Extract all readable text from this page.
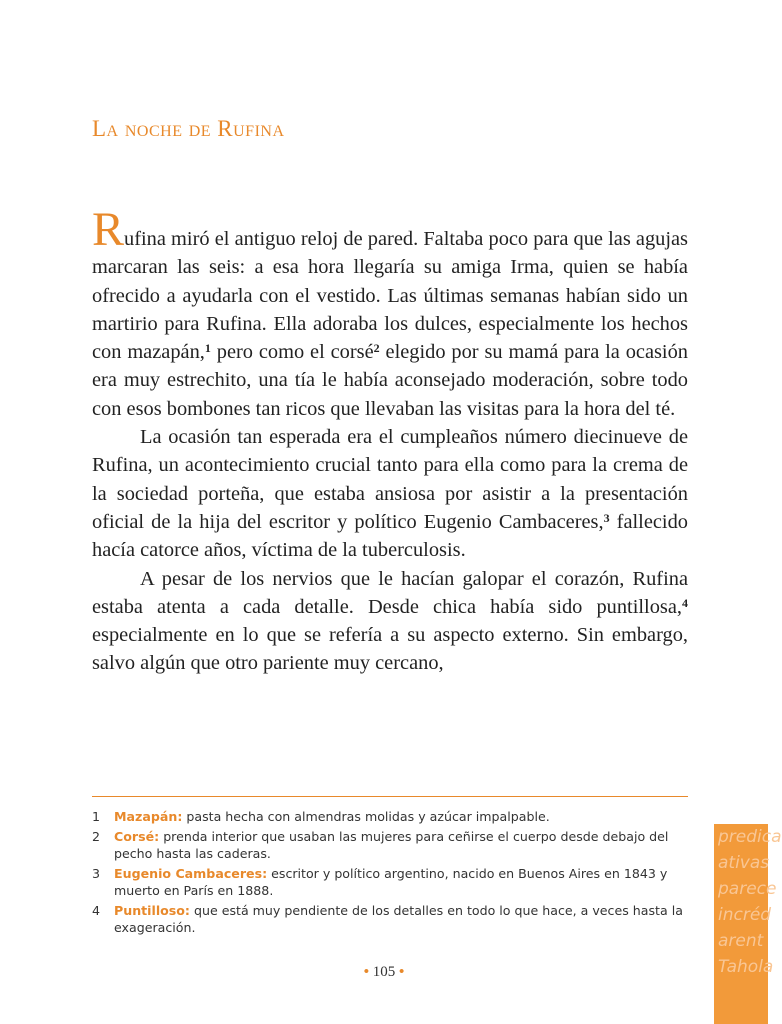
La noche de Rufina

Rufina miró el antiguo reloj de pared. Faltaba poco para que las agujas marcaran las seis: a esa hora llegaría su amiga Irma, quien se había ofrecido a ayudarla con el vestido. Las últimas semanas habían sido un martirio para Rufina. Ella adoraba los dulces, especialmente los hechos con mazapán,$^1$ pero como el corsé$^2$ elegido por su mamá para la ocasión era muy estrechito, una tía le había aconsejado moderación, sobre todo con esos bombones tan ricos que llevaban las visitas para la hora del té.

La ocasión tan esperada era el cumpleaños número diecinueve de Rufina, un acontecimiento crucial tanto para ella como para la crema de la sociedad porteña, que estaba ansiosa por asistir a la presentación oficial de la hija del escritor y político Eugenio Cambaceres,$^3$ fallecido hacía catorce años, víctima de la tuberculosis.

A pesar de los nervios que le hacían galopar el corazón, Rufina estaba atenta a cada detalle. Desde chica había sido puntillosa,$^4$ especialmente en lo que se refería a su aspecto externo. Sin embargo, salvo algún que otro pariente muy cercano,

1 Mazapán: pasta hecha con almendras molidas y azúcar impalpable.
2 Corsé: prenda interior que usaban las mujeres para ceñirse el cuerpo desde debajo del pecho hasta las caderas.
3 Eugenio Cambaceres: escritor y político argentino, nacido en Buenos Aires en 1843 y muerto en París en 1888.
4 Puntilloso: que está muy pendiente de los detalles en todo lo que hace, a veces hasta la exageración.
• 105 •
predica
ativas
parece
incréd
arent
Tahola
